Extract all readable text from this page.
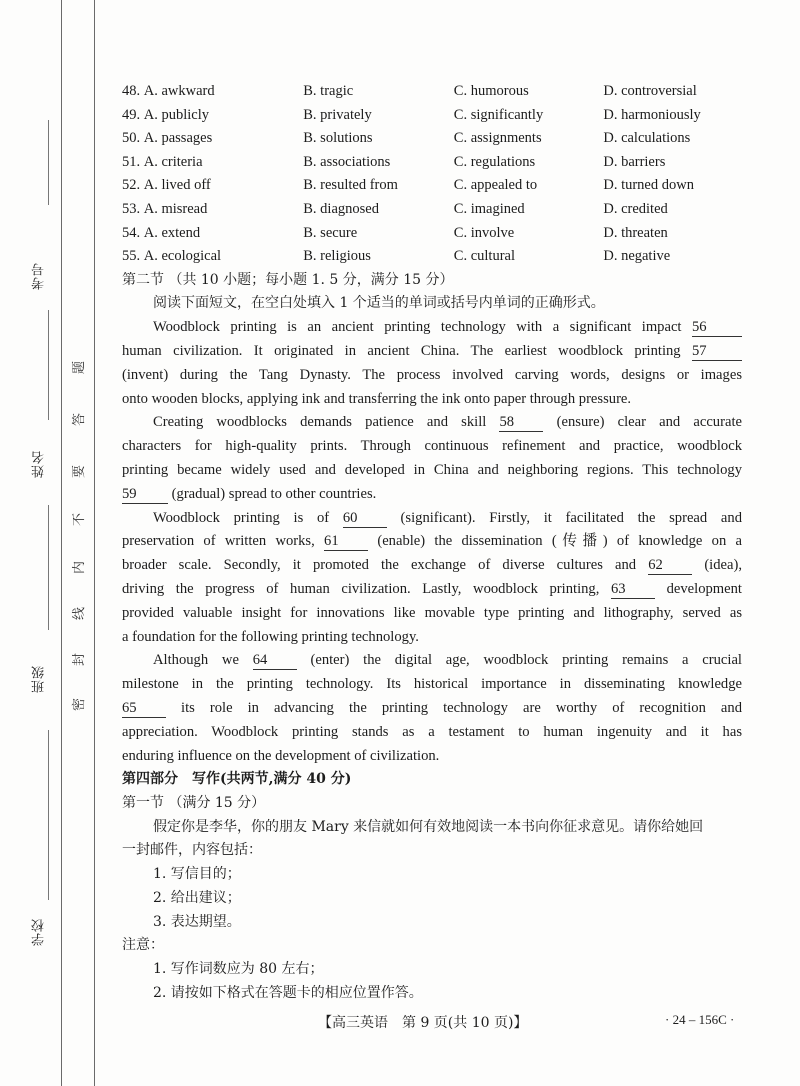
考号
姓名
班级
学校
题
答
要
不
内
线
封
密
48. A. awkward	B. tragic	C. humorous	D. controversial
49. A. publicly	B. privately	C. significantly	D. harmoniously
50. A. passages	B. solutions	C. assignments	D. calculations
51. A. criteria	B. associations	C. regulations	D. barriers
52. A. lived off	B. resulted from	C. appealed to	D. turned down
53. A. misread	B. diagnosed	C. imagined	D. credited
54. A. extend	B. secure	C. involve	D. threaten
55. A. ecological	B. religious	C. cultural	D. negative
第二节 （共 10 小题；每小题 1. 5 分，满分 15 分）
阅读下面短文，在空白处填入 1 个适当的单词或括号内单词的正确形式。
Woodblock printing is an ancient printing technology with a significant impact 56
human civilization. It originated in ancient China. The earliest woodblock printing 57
(invent) during the Tang Dynasty. The process involved carving words, designs or images
onto wooden blocks, applying ink and transferring the ink onto paper through pressure.
Creating woodblocks demands patience and skill 58	(ensure) clear and accurate
characters for high-quality prints. Through continuous refinement and practice, woodblock
printing became widely used and developed in China and neighboring regions. This technology
59 (gradual) spread to other countries.
Woodblock printing is of 60	(significant). Firstly, it facilitated the spread and
preservation of written works, 61	(enable) the dissemination (传播) of knowledge on a
broader scale. Secondly, it promoted the exchange of diverse cultures and 62	(idea),
driving the progress of human civilization. Lastly, woodblock printing, 63	development
provided valuable insight for innovations like movable type printing and lithography, served as
a foundation for the following printing technology.
Although we 64	(enter) the digital age, woodblock printing remains a crucial
milestone in the printing technology. Its historical importance in disseminating knowledge
65	its role in advancing the printing technology are worthy of recognition and
appreciation. Woodblock printing stands as a testament to human ingenuity and it has
enduring influence on the development of civilization.
第四部分　写作(共两节,满分 40 分)
第一节 （满分 15 分）
假定你是李华，你的朋友 Mary 来信就如何有效地阅读一本书向你征求意见。请你给她回
一封邮件，内容包括：
1. 写信目的；
2. 给出建议；
3. 表达期望。
注意：
1. 写作词数应为 80 左右；
2. 请按如下格式在答题卡的相应位置作答。
【高三英语　第 9 页(共 10 页)】	· 24 – 156C ·
